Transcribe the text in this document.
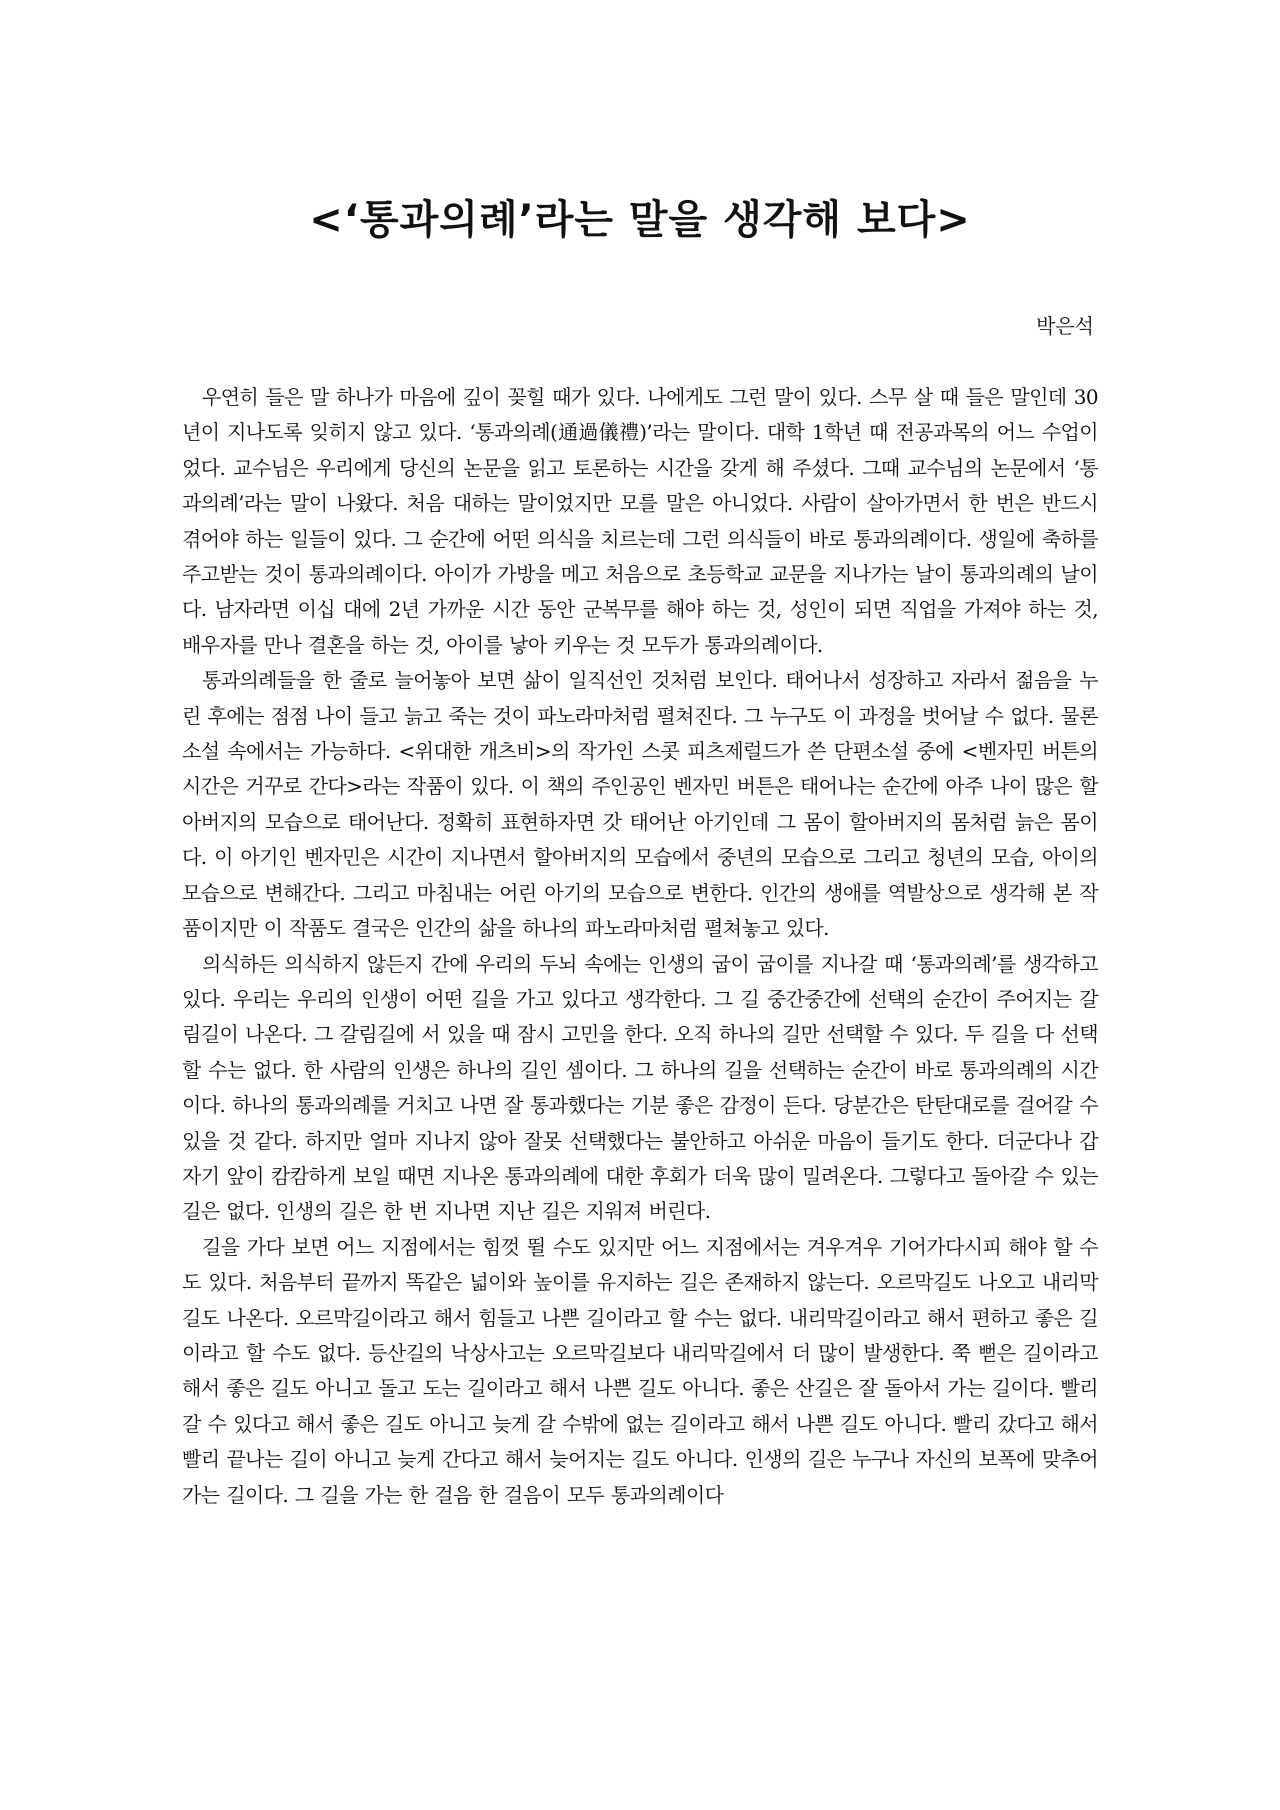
<‘통과의례’라는 말을 생각해 보다>

박은석

우연히 들은 말 하나가 마음에 깊이 꽂힐 때가 있다. 나에게도 그런 말이 있다. 스무 살 때 들은 말인데 30년이 지나도록 잊히지 않고 있다. ‘통과의례(通過儀禮)’라는 말이다. 대학 1학년 때 전공과목의 어느 수업이었다. 교수님은 우리에게 당신의 논문을 읽고 토론하는 시간을 갖게 해 주셨다. 그때 교수님의 논문에서 ‘통과의례’라는 말이 나왔다. 처음 대하는 말이었지만 모를 말은 아니었다. 사람이 살아가면서 한 번은 반드시 겪어야 하는 일들이 있다. 그 순간에 어떤 의식을 치르는데 그런 의식들이 바로 통과의례이다. 생일에 축하를 주고받는 것이 통과의례이다. 아이가 가방을 메고 처음으로 초등학교 교문을 지나가는 날이 통과의례의 날이다. 남자라면 이십 대에 2년 가까운 시간 동안 군복무를 해야 하는 것, 성인이 되면 직업을 가져야 하는 것, 배우자를 만나 결혼을 하는 것, 아이를 낳아 키우는 것 모두가 통과의례이다.

통과의례들을 한 줄로 늘어놓아 보면 삶이 일직선인 것처럼 보인다. 태어나서 성장하고 자라서 젊음을 누린 후에는 점점 나이 들고 늙고 죽는 것이 파노라마처럼 펼쳐진다. 그 누구도 이 과정을 벗어날 수 없다. 물론 소설 속에서는 가능하다. <위대한 개츠비>의 작가인 스콧 피츠제럴드가 쓴 단편소설 중에 <벤자민 버튼의 시간은 거꾸로 간다>라는 작품이 있다. 이 책의 주인공인 벤자민 버튼은 태어나는 순간에 아주 나이 많은 할아버지의 모습으로 태어난다. 정확히 표현하자면 갓 태어난 아기인데 그 몸이 할아버지의 몸처럼 늙은 몸이다. 이 아기인 벤자민은 시간이 지나면서 할아버지의 모습에서 중년의 모습으로 그리고 청년의 모습, 아이의 모습으로 변해간다. 그리고 마침내는 어린 아기의 모습으로 변한다. 인간의 생애를 역발상으로 생각해 본 작품이지만 이 작품도 결국은 인간의 삶을 하나의 파노라마처럼 펼쳐놓고 있다.

의식하든 의식하지 않든지 간에 우리의 두뇌 속에는 인생의 굽이 굽이를 지나갈 때 ‘통과의례’를 생각하고 있다. 우리는 우리의 인생이 어떤 길을 가고 있다고 생각한다. 그 길 중간중간에 선택의 순간이 주어지는 갈림길이 나온다. 그 갈림길에 서 있을 때 잠시 고민을 한다. 오직 하나의 길만 선택할 수 있다. 두 길을 다 선택할 수는 없다. 한 사람의 인생은 하나의 길인 셈이다. 그 하나의 길을 선택하는 순간이 바로 통과의례의 시간이다. 하나의 통과의례를 거치고 나면 잘 통과했다는 기분 좋은 감정이 든다. 당분간은 탄탄대로를 걸어갈 수 있을 것 같다. 하지만 얼마 지나지 않아 잘못 선택했다는 불안하고 아쉬운 마음이 들기도 한다. 더군다나 갑자기 앞이 캄캄하게 보일 때면 지나온 통과의례에 대한 후회가 더욱 많이 밀려온다. 그렇다고 돌아갈 수 있는 길은 없다. 인생의 길은 한 번 지나면 지난 길은 지워져 버린다.

길을 가다 보면 어느 지점에서는 힘껏 뛸 수도 있지만 어느 지점에서는 겨우겨우 기어가다시피 해야 할 수도 있다. 처음부터 끝까지 똑같은 넓이와 높이를 유지하는 길은 존재하지 않는다. 오르막길도 나오고 내리막길도 나온다. 오르막길이라고 해서 힘들고 나쁜 길이라고 할 수는 없다. 내리막길이라고 해서 편하고 좋은 길이라고 할 수도 없다. 등산길의 낙상사고는 오르막길보다 내리막길에서 더 많이 발생한다. 쭉 뻗은 길이라고 해서 좋은 길도 아니고 돌고 도는 길이라고 해서 나쁜 길도 아니다. 좋은 산길은 잘 돌아서 가는 길이다. 빨리 갈 수 있다고 해서 좋은 길도 아니고 늦게 갈 수밖에 없는 길이라고 해서 나쁜 길도 아니다. 빨리 갔다고 해서 빨리 끝나는 길이 아니고 늦게 간다고 해서 늦어지는 길도 아니다. 인생의 길은 누구나 자신의 보폭에 맞추어 가는 길이다. 그 길을 가는 한 걸음 한 걸음이 모두 통과의례이다
